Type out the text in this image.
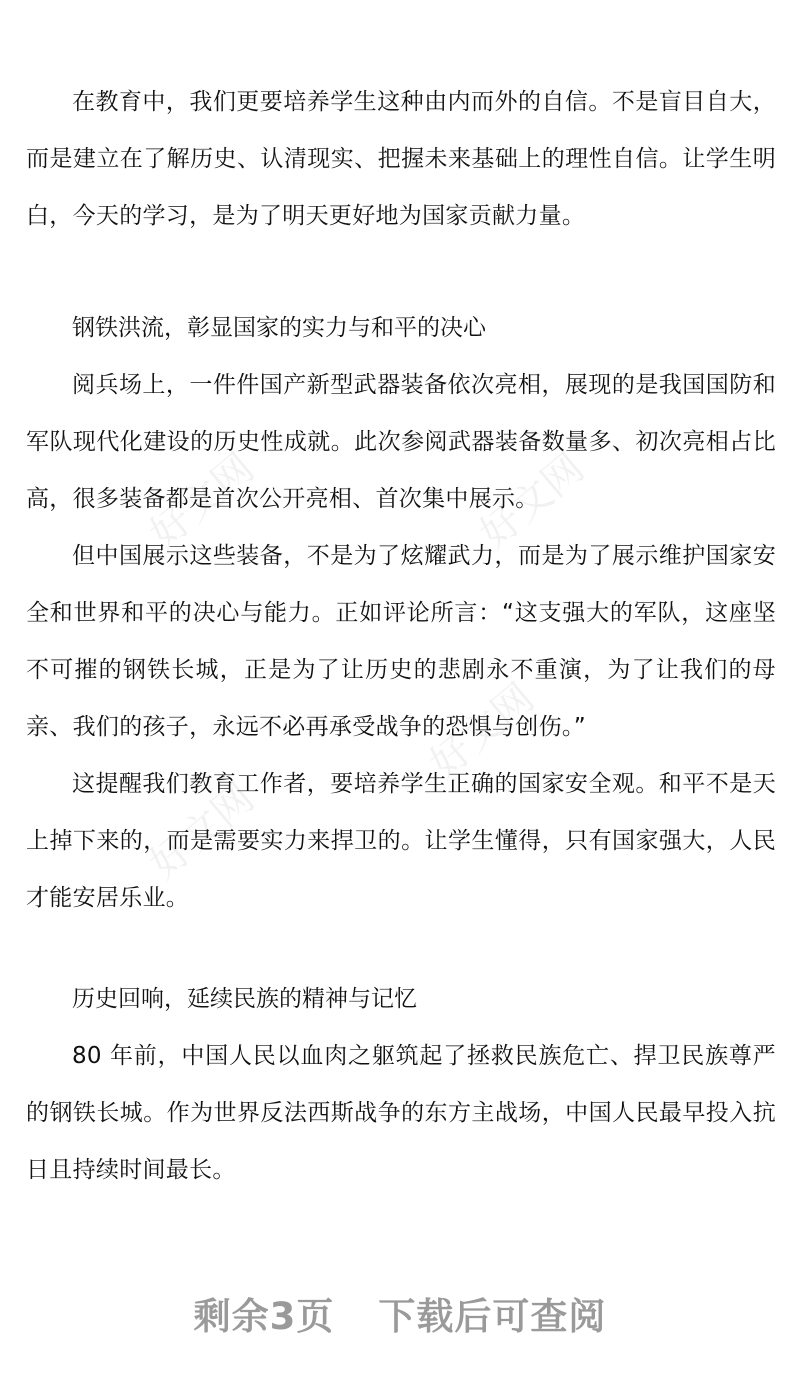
好文网	好文网
好文网
好文网

在教育中，我们更要培养学生这种由内而外的自信。不是盲目自大，而是建立在了解历史、认清现实、把握未来基础上的理性自信。让学生明白，今天的学习，是为了明天更好地为国家贡献力量。

钢铁洪流，彰显国家的实力与和平的决心

阅兵场上，一件件国产新型武器装备依次亮相，展现的是我国国防和军队现代化建设的历史性成就。此次参阅武器装备数量多、初次亮相占比高，很多装备都是首次公开亮相、首次集中展示。

但中国展示这些装备，不是为了炫耀武力，而是为了展示维护国家安全和世界和平的决心与能力。正如评论所言：“这支强大的军队，这座坚不可摧的钢铁长城，正是为了让历史的悲剧永不重演，为了让我们的母亲、我们的孩子，永远不必再承受战争的恐惧与创伤。”

这提醒我们教育工作者，要培养学生正确的国家安全观。和平不是天上掉下来的，而是需要实力来捍卫的。让学生懂得，只有国家强大，人民才能安居乐业。

历史回响，延续民族的精神与记忆

80 年前，中国人民以血肉之躯筑起了拯救民族危亡、捍卫民族尊严的钢铁长城。作为世界反法西斯战争的东方主战场，中国人民最早投入抗日且持续时间最长。

剩余3页 下载后可查阅
